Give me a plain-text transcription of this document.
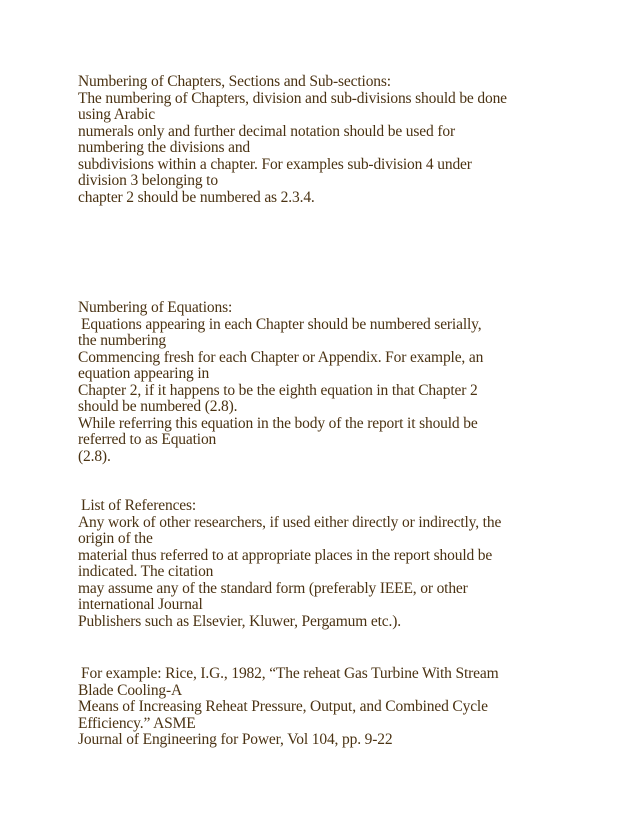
Numbering of Chapters, Sections and Sub-sections:
The numbering of Chapters, division and sub-divisions should be done
using Arabic
numerals only and further decimal notation should be used for
numbering the divisions and
subdivisions within a chapter. For examples sub-division 4 under
division 3 belonging to
chapter 2 should be numbered as 2.3.4.
Numbering of Equations:
Equations appearing in each Chapter should be numbered serially,
the numbering
Commencing fresh for each Chapter or Appendix. For example, an
equation appearing in
Chapter 2, if it happens to be the eighth equation in that Chapter 2
should be numbered (2.8).
While referring this equation in the body of the report it should be
referred to as Equation
(2.8).
List of References:
Any work of other researchers, if used either directly or indirectly, the
origin of the
material thus referred to at appropriate places in the report should be
indicated. The citation
may assume any of the standard form (preferably IEEE, or other
international Journal
Publishers such as Elsevier, Kluwer, Pergamum etc.).
For example: Rice, I.G., 1982, “The reheat Gas Turbine With Stream
Blade Cooling-A
Means of Increasing Reheat Pressure, Output, and Combined Cycle
Efficiency.” ASME
Journal of Engineering for Power, Vol 104, pp. 9-22
